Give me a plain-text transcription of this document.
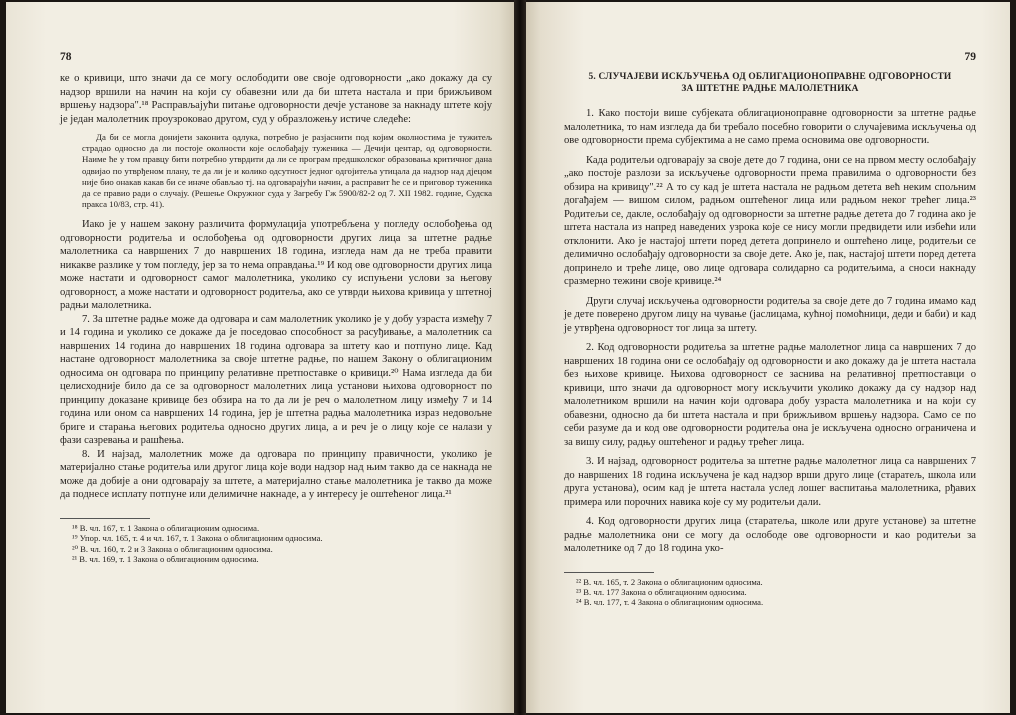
78

ке о кривици, што значи да се могу ослободити ове своје одговорности „ако докажу да су надзор вршили на начин на који су обавезни или да би штета настала и при брижљивом вршењу надзора".¹⁸ Расправљајући питање одговорности дечје установе за накнаду штете коју је један малолетник проузроковао другом, суд у образложењу истиче следеће:

Да би се могла донијети законита одлука, потребно је разјаснити под којим околностима је тужитељ страдао односно да ли постоје околности које ослобађају туженика — Дечији центар, од одговорности. Наиме ће у том правцу бити потребно утврдити да ли се програм предшколског образовања критичног дана одвијао по утврђеном плану, те да ли је и колико одсутност једног одгојитеља утицала да надзор над дјецом није био онакав какав би се иначе обављао тј. на одговарајући начин, а расправит ће се и приговор туженика да се правио ради о случају. (Решење Окружног суда у Загребу Гж 5900/82-2 од 7. XII 1982. године, Судска пракса 10/83, стр. 41).

Иако је у нашем закону различита формулација употребљена у погледу ослобођења од одговорности родитеља и ослобођења од одговорности других лица за штетне радње малолетника са навршених 7 до навршених 18 година, изгледа нам да не треба правити никакве разлике у том погледу, јер за то нема оправдања.¹⁹ И код ове одговорности других лица може настати и одговорност самог малолетника, уколико су испуњени услови за његову одговорност, а може настати и одговорност родитеља, ако се утврди њихова кривица у штетној радњи малолетника.

7. За штетне радње може да одговара и сам малолетник уколико је у добу узраста између 7 и 14 година и уколико се докаже да је поседовао способност за расуђивање, а малолетник са навршених 14 година до навршених 18 година одговара за штету као и потпуно лице. Кад настане одговорност малолетника за своје штетне радње, по нашем Закону о облигационим односима он одговара по принципу релативне претпоставке о кривици.²⁰ Нама изгледа да би целисходније било да се за одговорност малолетних лица установи њихова одговорност по принципу доказане кривице без обзира на то да ли је реч о малолетном лицу између 7 и 14 година или оном са навршених 14 година, јер је штетна радња малолетника израз недовољне бриге и старања његових родитеља односно других лица, а и реч је о лицу које се налази у фази сазревања и рашћења.

8. И најзад, малолетник може да одговара по принципу правичности, уколико је материјално стање родитеља или другог лица које води надзор над њим такво да се накнада не може да добије а они одговарају за штете, а материјално стање малолетника је такво да може да поднесе исплату потпуне или делимичне накнаде, а у интересу је оштећеног лица.²¹

¹⁸ В. чл. 167, т. 1 Закона о облигационим односима.

¹⁹ Упор. чл. 165, т. 4 и чл. 167, т. 1 Закона о облигационим односима.

²⁰ В. чл. 160, т. 2 и 3 Закона о облигационим односима.

²¹ В. чл. 169, т. 1 Закона о облигационим односима.

79
5. СЛУЧАЈЕВИ ИСКЉУЧЕЊА ОД ОБЛИГАЦИОНОПРАВНЕ ОДГОВОРНОСТИ
ЗА ШТЕТНЕ РАДЊЕ МАЛОЛЕТНИКА

1. Како постоји више субјеката облигационоправне одговорности за штетне радње малолетника, то нам изгледа да би требало посебно говорити о случајевима искључења од ове одговорности према субјектима а не само према основима ове одговорности.

Када родитељи одговарају за своје дете до 7 година, они се на првом месту ослобађају „ако постоје разлози за искључење одговорности према правилима о одговорности без обзира на кривицу".²² А то су кад је штета настала не радњом детета већ неким спољним догађајем — вишом силом, радњом оштећеног лица или радњом неког трећег лица.²³ Родитељи се, дакле, ослобађају од одговорности за штетне радње детета до 7 година ако је штета настала из напред наведених узрока које се нису могли предвидети или избећи или отклонити. Ако је настајој штети поред детета допринело и оштећено лице, родитељи се делимично ослобађају одговорности за своје дете. Ако је, пак, настајој штети поред детета допринело и треће лице, ово лице одговара солидарно са родитељима, а сноси накнаду сразмерно тежини своје кривице.²⁴

Други случај искључења одговорности родитеља за своје дете до 7 година имамо кад је дете поверено другом лицу на чување (јаслицама, кућној помоћници, деди и баби) и кад је утврђена одговорност тог лица за штету.

2. Код одговорности родитеља за штетне радње малолетног лица са навршених 7 до навршених 18 година они се ослобађају од одговорности и ако докажу да је штета настала без њихове кривице. Њихова одговорност се заснива на релативној претпоставци о кривици, што значи да одговорност могу искључити уколико докажу да су надзор над малолетником вршили на начин који одговара добу узраста малолетника и на који су обавезни, односно да би штета настала и при брижљивом вршењу надзора. Само се по себи разуме да и код ове одговорности родитеља она је искључена односно ограничена и за вишу силу, радњу оштећеног и радњу трећег лица.

3. И најзад, одговорност родитеља за штетне радње малолетног лица са навршених 7 до навршених 18 година искључена је кад надзор врши друго лице (старатељ, школа или друга установа), осим кад је штета настала услед лошег васпитања малолетника, рђавих примера или порочних навика које су му родитељи дали.

4. Код одговорности других лица (старатеља, школе или друге установе) за штетне радње малолетника они се могу да ослободе ове одговорности и као родитељи за малолетнике од 7 до 18 година уко-

²² В. чл. 165, т. 2 Закона о облигационим односима.

²³ В. чл. 177 Закона о облигационим односима.

²⁴ В. чл. 177, т. 4 Закона о облигационим односима.
